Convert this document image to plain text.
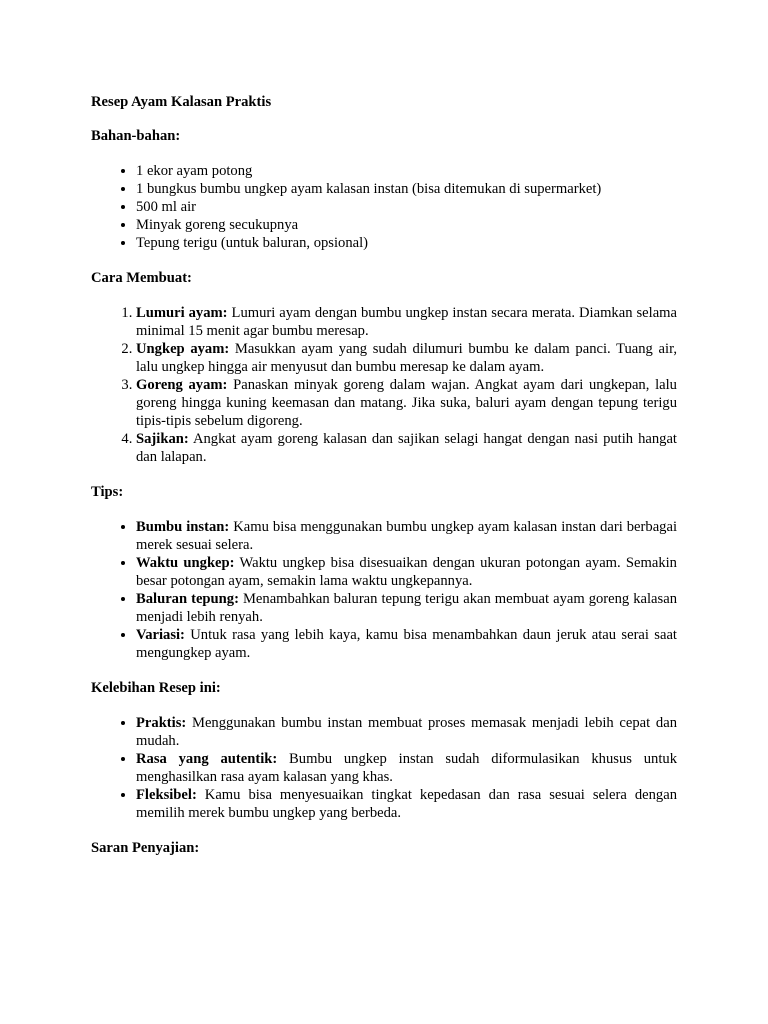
Resep Ayam Kalasan Praktis

Bahan-bahan:

• 1 ekor ayam potong
• 1 bungkus bumbu ungkep ayam kalasan instan (bisa ditemukan di supermarket)
• 500 ml air
• Minyak goreng secukupnya
• Tepung terigu (untuk baluran, opsional)

Cara Membuat:

1. Lumuri ayam: Lumuri ayam dengan bumbu ungkep instan secara merata. Diamkan selama minimal 15 menit agar bumbu meresap.
2. Ungkep ayam: Masukkan ayam yang sudah dilumuri bumbu ke dalam panci. Tuang air, lalu ungkep hingga air menyusut dan bumbu meresap ke dalam ayam.
3. Goreng ayam: Panaskan minyak goreng dalam wajan. Angkat ayam dari ungkepan, lalu goreng hingga kuning keemasan dan matang. Jika suka, baluri ayam dengan tepung terigu tipis-tipis sebelum digoreng.
4. Sajikan: Angkat ayam goreng kalasan dan sajikan selagi hangat dengan nasi putih hangat dan lalapan.

Tips:

• Bumbu instan: Kamu bisa menggunakan bumbu ungkep ayam kalasan instan dari berbagai merek sesuai selera.
• Waktu ungkep: Waktu ungkep bisa disesuaikan dengan ukuran potongan ayam. Semakin besar potongan ayam, semakin lama waktu ungkepannya.
• Baluran tepung: Menambahkan baluran tepung terigu akan membuat ayam goreng kalasan menjadi lebih renyah.
• Variasi: Untuk rasa yang lebih kaya, kamu bisa menambahkan daun jeruk atau serai saat mengungkep ayam.

Kelebihan Resep ini:

• Praktis: Menggunakan bumbu instan membuat proses memasak menjadi lebih cepat dan mudah.
• Rasa yang autentik: Bumbu ungkep instan sudah diformulasikan khusus untuk menghasilkan rasa ayam kalasan yang khas.
• Fleksibel: Kamu bisa menyesuaikan tingkat kepedasan dan rasa sesuai selera dengan memilih merek bumbu ungkep yang berbeda.

Saran Penyajian:
